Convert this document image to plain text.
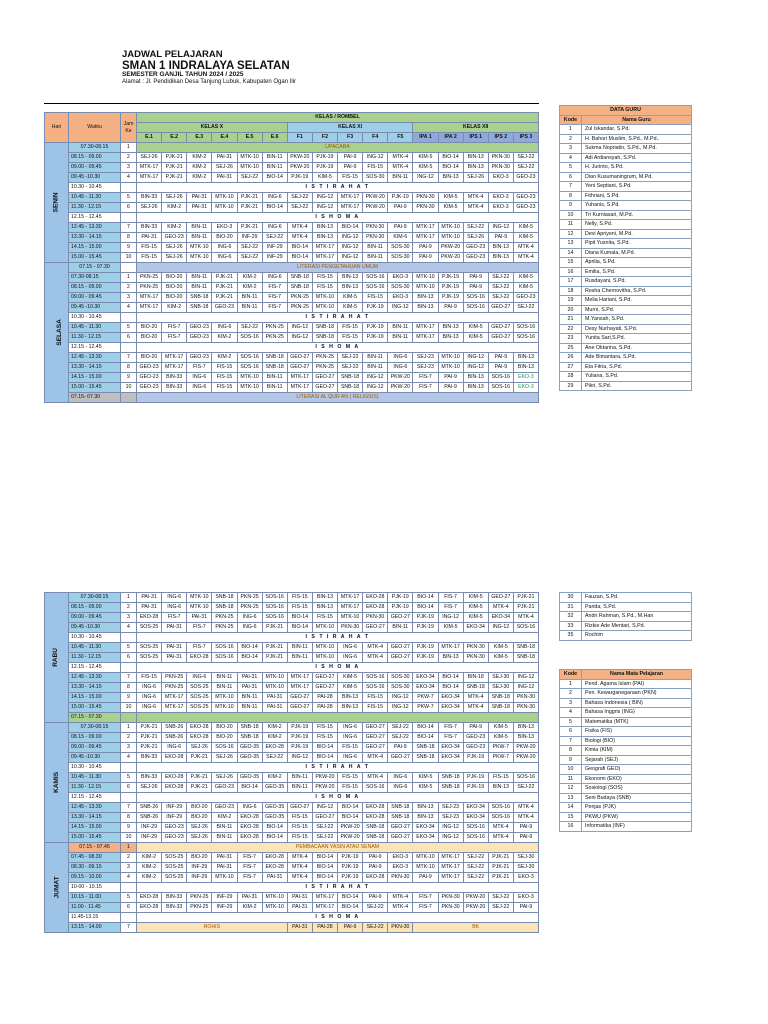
JADWAL PELAJARAN
SMAN 1 INDRALAYA SELATAN
SEMESTER GANJIL TAHUN 2024 / 2025
Alamat : Jl. Pendidikan Desa Tanjung Lubuk, Kabupaten Ogan Ilir
Hari	Waktu	Jam Ke	KELAS / ROMBEL															
			KELAS X						KELAS XI					KELAS XII				
			E.1	E.2	E.3	E.4	E.5	E.6	F1	F2	F3	F4	F5	IPA 1	IPA 2	IPS 1	IPS 2	IPS 3
SENIN	07.30-08.15	1	UPACARA															
	08.15 - 09.00	2	SEJ-26	PJK-21	KIM-2	PAI-31	MTK-10	BIN-11	PKW-20	PJK-19	PAI-9	ING-12	MTK-4	KIM-5	BIO-14	BIN-13	PKN-30	SEJ-22
	09.00 - 09.45	3	MTK-17	PJK-21	KIM-2	SEJ-26	MTK-10	BIN-11	PKW-20	PJK-19	PAI-9	FIS-15	MTK-4	KIM-5	BIO-14	BIN-13	PKN-30	SEJ-22
	09.45 -10.30	4	MTK-17	PJK-21	KIM-2	PAI-31	SEJ-22	BIO-14	PJK-19	KIM-5	FIS-15	SOS-30	BIN-11	ING-12	BIN-13	SEJ-26	EKO-3	GEO-23
	10.30 - 10.45		I S T I R A H A T															
	10.45 - 11.30	5	BIN-33	SEJ-26	PAI-31	MTK-10	PJK-21	ING-6	SEJ-22	ING-12	MTK-17	PKW-20	PJK-19	PKN-30	KIM-5	MTK-4	EKO-3	GEO-23
	11.30 - 12.15	6	SEJ-26	KIM-2	PAI-31	MTK-10	PJK-21	BIO-14	SEJ-22	ING-12	MTK-17	PKW-20	PAI-9	PKN-30	KIM-5	MTK-4	EKO-3	GEO-23
	12.15 - 12.45		I S H O M A															
	12.45 - 13.30	7	BIN-33	KIM-2	BIN-11	EKO-3	PJK-21	ING-6	MTK-4	BIN-13	BIO-14	PKN-30	PAI-9	MTK-17	MTK-10	SEJ-22	ING-12	KIM-5
	13.30 - 14.15	8	PAI-31	GEO-23	BIN-11	BIO-20	INF-29	SEJ-22	MTK-4	BIN-13	ING-12	PKN-30	KIM-6	MTK-17	MTK-10	SEJ-26	PAI-9	KIM-5
	14.15 - 15.00	9	FIS-15	SEJ-26	MTK-10	ING-6	SEJ-22	INF-29	BIO-14	MTK-17	ING-12	BIN-11	SOS-30	PAI-9	PKW-20	GEO-23	BIN-13	MTK-4
	15.00 - 15.45	10	FIS-15	SEJ-26	MTK-10	ING-6	SEJ-22	INF-29	BIO-14	MTK-17	ING-12	BIN-11	SOS-30	PAI-9	PKW-20	GEO-23	BIN-13	MTK-4
SELASA	07.15 - 07.30		LITERASI PENGETAHUAN UMUM															
	07.30-08.15	1	PKN-25	BIO-20	BIN-11	PJK-21	KIM-2	ING-6	SNB-18	FIS-15	BIN-13	SOS-16	EKO-3	MTK-10	PJK-19	PAI-9	SEJ-22	KIM-5
	08.15 - 09.00	2	PKN-25	BIO-20	BIN-11	PJK-21	KIM-2	FIS-7	SNB-18	FIS-15	BIN-13	SOS-16	SOS-30	MTK-10	PJK-19	PAI-9	SEJ-22	KIM-5
	09.00 - 09.45	3	MTK-17	BIO-20	SNB-18	PJK-21	BIN-11	FIS-7	PKN-25	MTK-10	KIM-5	FIS-15	EKO-3	BIN-13	PJK-19	SOS-16	SEJ-22	GEO-23
	09.45 -10.30	4	MTK-17	KIM-2	SNB-18	GEO-23	BIN-11	FIS-7	PKN-25	MTK-10	KIM-5	PJK-19	ING-12	BIN-13	PAI-9	SOS-16	GEO-27	SEJ-22
	10.30 - 10.45		I S T I R A H A T															
	10.45 - 11.30	5	BIO-20	FIS-7	GEO-23	ING-6	SEJ-22	PKN-25	ING-12	SNB-18	FIS-15	PJK-19	BIN-11	MTK-17	BIN-13	KIM-5	GEO-27	SOS-16
	11.30 - 12.15	6	BIO-20	FIS-7	GEO-23	KIM-2	SOS-16	PKN-25	ING-12	SNB-18	FIS-15	PJK-19	BIN-11	MTK-17	BIN-13	KIM-5	GEO-27	SOS-16
	12.15 - 12.45		I S H O M A															
	12.45 - 13.30	7	BIO-20	MTK-17	GEO-23	KIM-2	SOS-16	SNB-18	GEO-27	PKN-25	SEJ-22	BIN-11	ING-6	SEJ-23	MTK-10	ING-12	PAI-9	BIN-13
	13.30 - 14.15	8	GEO-23	MTK-17	FIS-7	FIS-15	SOS-16	SNB-18	GEO-27	PKN-25	SEJ-22	BIN-11	ING-6	SEJ-23	MTK-10	ING-12	PAI-9	BIN-13
	14.15 - 15.00	9	GEO-23	BIN-33	ING-6	FIS-15	MTK-10	BIN-11	MTK-17	GEO-27	SNB-18	ING-12	PKW-20	FIS-7	PAI-9	BIN-13	SOS-16	EKO-3
	15.00 - 15.45	10	GEO-23	BIN-33	ING-6	FIS-15	MTK-10	BIN-11	MTK-17	GEO-27	SNB-18	ING-12	PKW-20	FIS-7	PAI-9	BIN-13	SOS-16	EKO-3
	07.15- 07.30		LITERASI AL QUR AN ( RELIGIUS)															
RABU	07.30-08.15	1	PAI-31	ING-6	MTK-10	SNB-18	PKN-25	SOS-16	FIS-15	BIN-13	MTK-17	EKO-28	PJK-19	BIO-14	FIS-7	KIM-5	GEO-27	PJK-21
	08.15 - 09.00	2	PAI-31	ING-6	MTK-10	SNB-18	PKN-25	SOS-16	FIS-15	BIN-13	MTK-17	EKO-28	PJK-19	BIO-14	FIS-7	KIM-5	MTK-4	PJK-21
	09.00 - 09.45	3	EKO-28	FIS-7	PAI-31	PKN-25	ING-6	SOS-16	BIO-14	FIS-15	MTK-10	PKN-30	GEO-27	PJK-19	ING-12	KIM-5	EKO-34	MTK-4
	09.45 -10.30	4	SOS-25	PAI-31	FIS-7	PKN-25	ING-6	PJK-21	BIO-14	MTK-10	PKN-30	GEO-27	BIN-11	PJK-19	KIM-5	EKO-34	ING-12	SOS-16
	10.30 - 10.45		I S T I R A H A T															
	10.45 - 11.30	5	SOS-25	PAI-31	FIS-7	SOS-16	BIO-14	PJK-21	BIN-11	MTK-10	ING-6	MTK-4	GEO-27	PJK-19	MTK-17	PKN-30	KIM-5	SNB-18
	11.30 - 12.15	6	SOS-25	PAI-31	EKO-28	SOS-16	BIO-14	PJK-21	BIN-11	MTK-10	ING-6	MTK-4	GEO-27	PJK-19	BIN-13	PKN-30	KIM-5	SNB-18
	12.15 - 12.45		I S H O M A															
	12.45 - 13.30	7	FIS-15	PKN-25	ING-6	BIN-11	PAI-31	MTK-10	MTK-17	GEO-27	KIM-5	SOS-16	SOS-30	EKO-34	BIO-14	BIN-18	SEJ-30	ING-12
	13.30 - 14.15	8	ING-6	PKN-25	SOS-25	BIN-11	PAI-31	MTK-10	MTK-17	GEO-27	KIM-5	SOS-16	SOS-30	EKO-34	BIO-14	SNB-18	SEJ-30	ING-12
	14.15 - 15.00	9	ING-6	MTK-17	SOS-25	MTK-10	BIN-11	PAI-31	GEO-27	PAI-28	BIN-13	FIS-15	ING-12	PKW-7	EKO-34	MTK-4	SNB-18	PKN-30
	15.00 - 15.45	10	ING-6	MTK-17	SOS-25	MTK-10	BIN-11	PAI-31	GEO-27	PAI-28	BIN-13	FIS-15	ING-12	PKW-7	EKO-34	MTK-4	SNB-18	PKN-30
	07.15 - 07.30																	
KAMIS	07.30-08.15	1	PJK-21	SNB-26	EKO-28	BIO-20	SNB-18	KIM-2	PJK-19	FIS-15	ING-6	GEO-27	SEJ-22	BIO-14	FIS-7	PAI-9	KIM-5	BIN-13
	08.15 - 09.00	2	PJK-21	SNB-26	EKO-28	BIO-20	SNB-18	KIM-2	PJK-19	FIS-15	ING-6	GEO-27	SEJ-22	BIO-14	FIS-7	GEO-23	KIM-5	BIN-13
	09.00 - 09.45	3	PJK-21	ING-6	SEJ-26	SOS-16	GEO-35	EKO-28	PJK-19	BIO-14	FIS-15	GEO-27	PAI-9	SNB-18	EKO-34	GEO-23	PKW-7	PKW-20
	09.45 -10.30	4	BIN-33	EKO-28	PJK-21	SEJ-26	GEO-35	SEJ-22	ING-12	BIO-14	ING-6	MTK-4	GEO-27	SNB-18	EKO-34	PJK-19	PKW-7	PKW-20
	10.30 - 10.45		I S T I R A H A T															
	10.45 - 11.30	5	BIN-33	EKO-28	PJK-21	SEJ-26	GEO-35	KIM-2	BIN-11	PKW-20	FIS-15	MTK-4	ING-6	KIM-5	SNB-18	PJK-19	FIS-15	SOS-16
	11.30 - 12.15	6	SEJ-26	EKO-28	PJK-21	GEO-23	BIO-14	GEO-35	BIN-11	PKW-20	FIS-15	SOS-16	ING-6	KIM-5	SNB-18	PJK-19	BIN-13	SEJ-22
	12.15 - 12.45		I S H O M A															
	12.45 - 13.30	7	SNB-26	INF-29	BIO-20	GEO-23	ING-6	GEO-35	GEO-27	ING-12	BIO-14	EKO-28	SNB-18	BIN-13	SEJ-23	EKO-34	SOS-16	MTK-4
	13.30 - 14.15	8	SNB-26	INF-29	BIO-20	KIM-2	EKO-28	GEO-35	FIS-15	GEO-27	BIO-14	EKO-28	SNB-18	BIN-13	SEJ-23	EKO-34	SOS-16	MTK-4
	14.15 - 15.00	9	INF-29	GEO-23	SEJ-26	BIN-11	EKO-28	BIO-14	FIS-15	SEJ-22	PKW-20	SNB-18	GEO-27	EKO-34	ING-12	SOS-16	MTK-4	PAI-9
	15.00 - 15.45	10	INF-29	GEO-23	SEJ-26	BIN-11	EKO-28	BIO-14	FIS-15	SEJ-22	PKW-20	SNB-18	GEO-27	EKO-34	ING-12	SOS-16	MTK-4	PAI-9
JUMAT	07.15 - 07.45	1	PEMBACAAN YASIN ATAU SENAM															
	07.45 - 08.30	2	KIM-2	SOS-25	BIO-20	PAI-31	FIS-7	EKO-28	MTK-4	BIO-14	PJK-19	PAI-9	EKO-3	MTK-10	MTK-17	SEJ-22	PJK-21	SEJ-30
	08.30 - 09.15	3	KIM-2	SOS-25	INF-29	PAI-31	FIS-7	EKO-28	MTK-4	BIO-14	PJK-19	PAI-9	EKO-3	MTK-10	MTK-17	SEJ-22	PJK-21	SEJ-30
	09.15 - 10.00	4	KIM-2	SOS-25	INF-29	MTK-10	FIS-7	PAI-31	MTK-4	BIO-14	PJK-19	EKO-28	PKN-30	PAI-9	MTK-17	SEJ-22	PJK-21	EKO-3
	10-00 - 10.15		I S T I R A H A T															
	10.15 - 11.00	5	EKO-28	BIN-33	PKN-25	INF-29	PAI-31	MTK-10	PAI-31	MTK-17	BIO-14	PAI-9	MTK-4	FIS-7	PKN-30	PKW-20	SEJ-22	EKO-3
	11.00 - 11.45	6	EKO-28	BIN-33	PKN-25	INF-29	KIM-2	MTK-10	PAI-31	MTK-17	BIO-14	SEJ-22	MTK-4	FIS-7	PKN-30	PKW-20	SEJ-22	PAI-9
	11.45-13.15		I S H O M A															
	13.15 - 14.00	7	ROHIS						PAI-31	PAI-28	PAI-9	SEJ-22	PKN-30	BK				
DATA GURU	
Kode	Nama Guru
1	Zul Iskandar, S.Pd.
2	H. Bahori Muslim, S.Pd., M.Pd..
3	Sukma Nopriatin, S.Pd., M.Pd.
4	Adi Ardiansyah, S.Pd.
5	H. Jurinto, S.Pd.
6	Dian Kusumaningrum, M.Pd.
7	Yeni Septiani, S.Pd.
8	Fithriani, S.Pd.
9	Yuhanis, S.Pd.
10	Tri Kurniasari, M.Pd.
11	Nelly, S.Pd.
12	Devi Apriyeni, M.Pd.
13	Pipit Yusnita, S.Pd.
14	Diana Kumala, M.Pd.
15	Aprilia, S.Pd.
16	Emilia, S.Pd.
17	Rusdayani, S.Pd.
18	Resha Chernovitha, S.Pd.
19	Melia Hariani, S.Pd.
20	Murni, S.Pd.
21	M.Yansah, S.Pd.
22	Desy Nurhayati, S.Pd.
23	Yunita Sari,S.Pd.
25	Ane Oktarina, S.Pd.
26	Ade Bimantara, S.Pd.
27	Eta Fitria, S.Pd.
28	Yuliana, S.Pd.
29	Pikri, S.Pd.
30	Fauzan, S.Pd.
31	Parida, S.Pd.
32	Andri Rahman, S.Pd., M.Han
33	Rizkie Ade Mentari, S.Pd.
35	Rochim
Kode	Nama Mata Pelajaran
1	Pend. Agama Islam (PAI)
2	Pen. Kewarganegaraan (PKN)
3	Bahasa Indonesia ( BIN)
4	Bahasa Inggris (ING)
5	Matematika (MTK)
6	Fisika (FIS)
7	Biologi (BIO)
8	Kimia (KIM)
9	Sejarah (SEJ)
10	Geografi GEO)
11	Ekonomi (EKO)
12	Sosiologi (SOS)
13	Seni Budaya (SNB)
14	Penjas (PJK)
15	PKWU (PKW)
16	Informatika (INF)
